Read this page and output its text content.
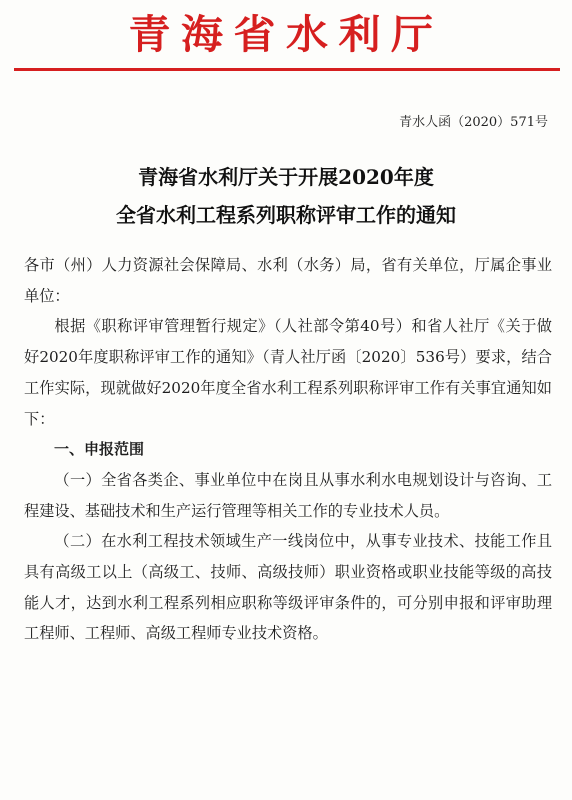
青海省水利厅
青水人函（2020）571号
青海省水利厅关于开展2020年度
全省水利工程系列职称评审工作的通知

各市（州）人力资源社会保障局、水利（水务）局，省有关单位，厅属企事业单位：

根据《职称评审管理暂行规定》（人社部令第40号）和省人社厅《关于做好2020年度职称评审工作的通知》（青人社厅函〔2020〕536号）要求，结合工作实际，现就做好2020年度全省水利工程系列职称评审工作有关事宜通知如下：

一、申报范围

（一）全省各类企、事业单位中在岗且从事水利水电规划设计与咨询、工程建设、基础技术和生产运行管理等相关工作的专业技术人员。

（二）在水利工程技术领域生产一线岗位中，从事专业技术、技能工作且具有高级工以上（高级工、技师、高级技师）职业资格或职业技能等级的高技能人才，达到水利工程系列相应职称等级评审条件的，可分别申报和评审助理工程师、工程师、高级工程师专业技术资格。
